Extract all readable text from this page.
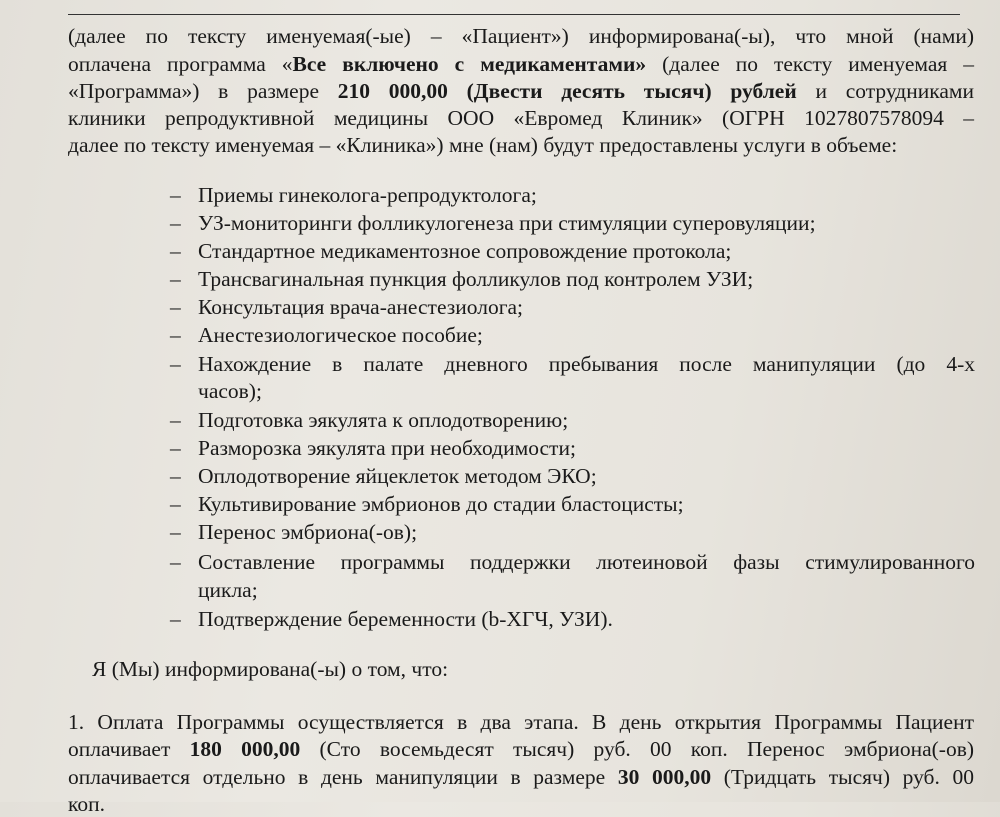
(далее по тексту именуемая(-ые) – «Пациент») информирована(-ы), что мной (нами)
оплачена программа «Все включено с медикаментами» (далее по тексту именуемая –
«Программа») в размере 210 000,00 (Двести десять тысяч) рублей и сотрудниками
клиники репродуктивной медицины ООО «Евромед Клиник» (ОГРН 1027807578094 –
далее по тексту именуемая – «Клиника») мне (нам) будут предоставлены услуги в объеме:
– Приемы гинеколога-репродуктолога;
– УЗ-мониторинги фолликулогенеза при стимуляции суперовуляции;
– Стандартное медикаментозное сопровождение протокола;
– Трансвагинальная пункция фолликулов под контролем УЗИ;
– Консультация врача-анестезиолога;
– Анестезиологическое пособие;
– Нахождение в палате дневного пребывания после манипуляции (до 4-х
часов);
– Подготовка эякулята к оплодотворению;
– Разморозка эякулята при необходимости;
– Оплодотворение яйцеклеток методом ЭКО;
– Культивирование эмбрионов до стадии бластоцисты;
– Перенос эмбриона(-ов);
– Составление программы поддержки лютеиновой фазы стимулированного
цикла;
– Подтверждение беременности (b-ХГЧ, УЗИ).
Я (Мы) информирована(-ы) о том, что:
1. Оплата Программы осуществляется в два этапа. В день открытия Программы Пациент
оплачивает 180 000,00 (Сто восемьдесят тысяч) руб. 00 коп. Перенос эмбриона(-ов)
оплачивается отдельно в день манипуляции в размере 30 000,00 (Тридцать тысяч) руб. 00
коп.
